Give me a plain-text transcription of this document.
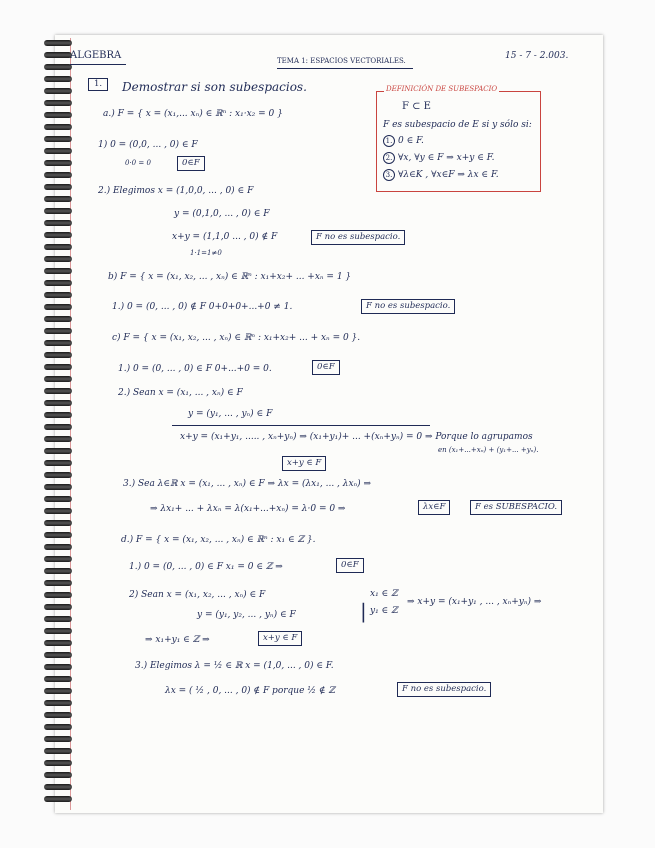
ALGEBRA	TEMA 1: ESPACIOS VECTORIALES.	15 - 7 - 2.003.
1.	Demostrar si son subespacios.	DEFINICIÓN DE SUBESPACIO
F ⊂ E
F es subespacio de E si y sólo si:
1. 0 ∈ F.
2. ∀x, ∀y ∈ F ⇒ x+y ∈ F.
3. ∀λ∈K , ∀x∈F ⇒ λx ∈ F.
a.) F = { x = (x₁,... xₙ) ∈ ℝⁿ : x₁·x₂ = 0 }
1) 0 = (0,0, ... , 0) ∈ F
0·0 = 0	0∈F
2.) Elegimos x = (1,0,0, ... , 0) ∈ F
y = (0,1,0, ... , 0) ∈ F
x+y = (1,1,0 ... , 0) ∉ F	F no es subespacio.
1·1=1≠0
b) F = { x = (x₁, x₂, ... , xₙ) ∈ ℝⁿ : x₁+x₂+ ... +xₙ = 1 }
1.) 0 = (0, ... , 0) ∉ F 0+0+0+...+0 ≠ 1.	F no es subespacio.
c) F = { x = (x₁, x₂, ... , xₙ) ∈ ℝⁿ : x₁+x₂+ ... + xₙ = 0 }.
1.) 0 = (0, ... , 0) ∈ F 0+...+0 = 0.	0∈F
2.) Sean x = (x₁, ... , xₙ) ∈ F
y = (y₁, ... , yₙ) ∈ F
x+y = (x₁+y₁, ..... , xₙ+yₙ) ⇒ (x₁+y₁)+ ... +(xₙ+yₙ) = 0 ⇒ Porque lo agrupamos
en (x₁+...+xₙ) + (y₁+... +yₙ).
x+y ∈ F
3.) Sea λ∈ℝ x = (x₁, ... , xₙ) ∈ F ⇒ λx = (λx₁, ... , λxₙ) ⇒
⇒ λx₁+ ... + λxₙ = λ(x₁+...+xₙ) = λ·0 = 0 ⇒	λx∈F	F es SUBESPACIO.
d.) F = { x = (x₁, x₂, ... , xₙ) ∈ ℝⁿ : x₁ ∈ ℤ }.
1.) 0 = (0, ... , 0) ∈ F x₁ = 0 ∈ ℤ ⇒	0∈F
2) Sean x = (x₁, x₂, ... , xₙ) ∈ F
y = (y₁, y₂, ... , yₙ) ∈ F	|
x₁ ∈ ℤ
y₁ ∈ ℤ
⇒ x+y = (x₁+y₁ , ... , xₙ+yₙ) ⇒
⇒ x₁+y₁ ∈ ℤ ⇒	x+y ∈ F
3.) Elegimos λ = ½ ∈ ℝ x = (1,0, ... , 0) ∈ F.
λx = ( ½ , 0, ... , 0) ∉ F porque ½ ∉ ℤ	F no es subespacio.
